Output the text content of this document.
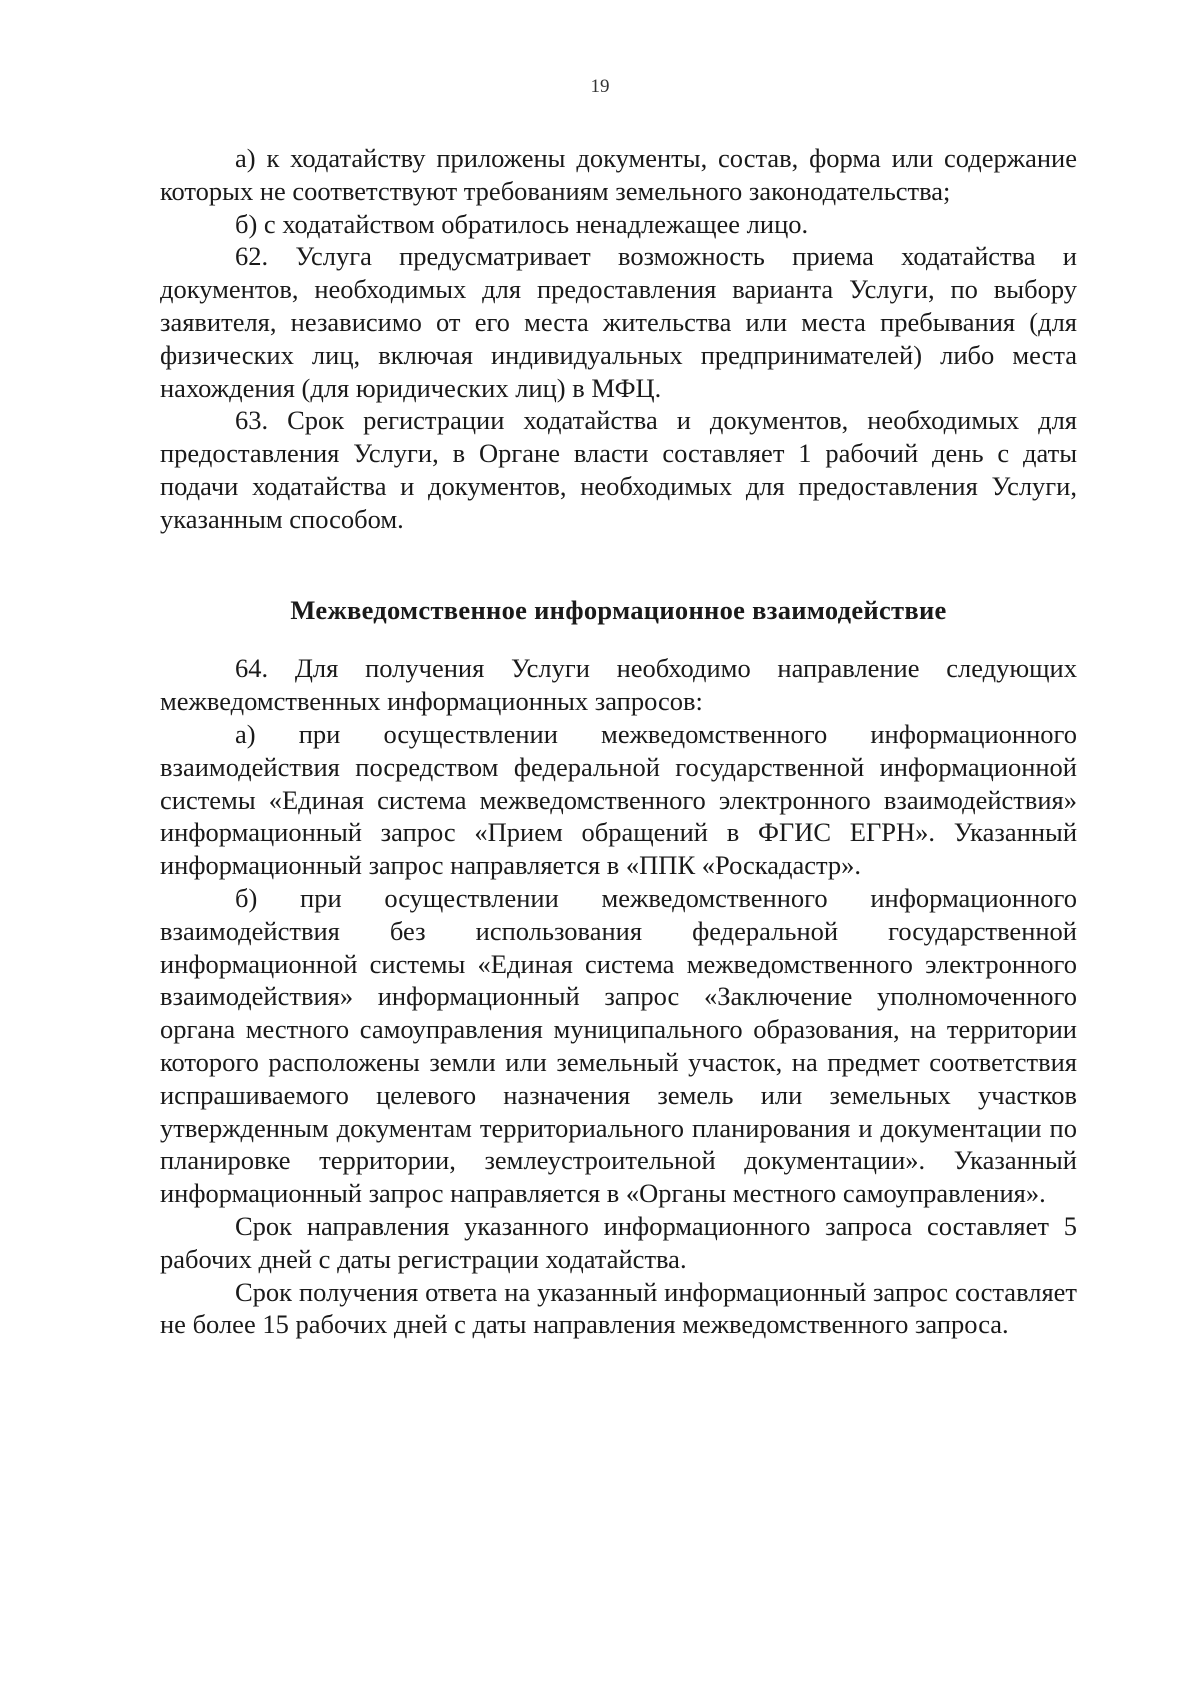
19

а) к ходатайству приложены документы, состав, форма или содержание которых не соответствуют требованиям земельного законодательства;

б) с ходатайством обратилось ненадлежащее лицо.

62. Услуга предусматривает возможность приема ходатайства и документов, необходимых для предоставления варианта Услуги, по выбору заявителя, независимо от его места жительства или места пребывания (для физических лиц, включая индивидуальных предпринимателей) либо места нахождения (для юридических лиц) в МФЦ.

63. Срок регистрации ходатайства и документов, необходимых для предоставления Услуги, в Органе власти составляет 1 рабочий день с даты подачи ходатайства и документов, необходимых для предоставления Услуги, указанным способом.

Межведомственное информационное взаимодействие

64. Для получения Услуги необходимо направление следующих межведомственных информационных запросов:

а) при осуществлении межведомственного информационного взаимодействия посредством федеральной государственной информационной системы «Единая система межведомственного электронного взаимодействия» информационный запрос «Прием обращений в ФГИС ЕГРН». Указанный информационный запрос направляется в «ППК «Роскадастр».

б) при осуществлении межведомственного информационного взаимодействия без использования федеральной государственной информационной системы «Единая система межведомственного электронного взаимодействия» информационный запрос «Заключение уполномоченного органа местного самоуправления муниципального образования, на территории которого расположены земли или земельный участок, на предмет соответствия испрашиваемого целевого назначения земель или земельных участков утвержденным документам территориального планирования и документации по планировке территории, землеустроительной документации». Указанный информационный запрос направляется в «Органы местного самоуправления».

Срок направления указанного информационного запроса составляет 5 рабочих дней с даты регистрации ходатайства.

Срок получения ответа на указанный информационный запрос составляет не более 15 рабочих дней с даты направления межведомственного запроса.
